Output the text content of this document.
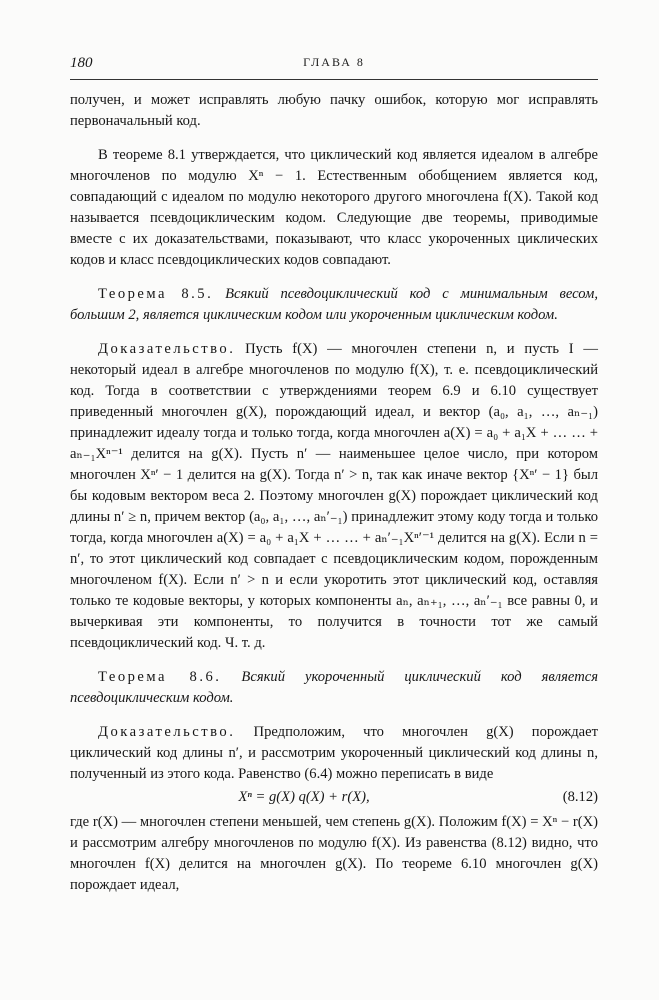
180	ГЛАВА 8

получен, и может исправлять любую пачку ошибок, которую мог исправлять первоначальный код.

В теореме 8.1 утверждается, что циклический код является идеалом в алгебре многочленов по модулю Xⁿ − 1. Естественным обобщением является код, совпадающий с идеалом по модулю некоторого другого многочлена f(X). Такой код называется псевдоциклическим кодом. Следующие две теоремы, приводимые вместе с их доказательствами, показывают, что класс укороченных циклических кодов и класс псевдоциклических кодов совпадают.

Теорема 8.5. Всякий псевдоциклический код с минимальным весом, большим 2, является циклическим кодом или укороченным циклическим кодом.

Доказательство. Пусть f(X) — многочлен степени n, и пусть I — некоторый идеал в алгебре многочленов по модулю f(X), т. е. псевдоциклический код. Тогда в соответствии с утверждениями теорем 6.9 и 6.10 существует приведенный многочлен g(X), порождающий идеал, и вектор (a₀, a₁, …, aₙ₋₁) принадлежит идеалу тогда и только тогда, когда многочлен a(X) = a₀ + a₁X + … … + aₙ₋₁Xⁿ⁻¹ делится на g(X). Пусть n′ — наименьшее целое число, при котором многочлен Xⁿ′ − 1 делится на g(X). Тогда n′ > n, так как иначе вектор {Xⁿ′ − 1} был бы кодовым вектором веса 2. Поэтому многочлен g(X) порождает циклический код длины n′ ≥ n, причем вектор (a₀, a₁, …, aₙ′₋₁) принадлежит этому коду тогда и только тогда, когда многочлен a(X) = a₀ + a₁X + … … + aₙ′₋₁Xⁿ′⁻¹ делится на g(X). Если n = n′, то этот циклический код совпадает с псевдоциклическим кодом, порожденным многочленом f(X). Если n′ > n и если укоротить этот циклический код, оставляя только те кодовые векторы, у которых компоненты aₙ, aₙ₊₁, …, aₙ′₋₁ все равны 0, и вычеркивая эти компоненты, то получится в точности тот же самый псевдоциклический код. Ч. т. д.

Теорема 8.6. Всякий укороченный циклический код является псевдоциклическим кодом.

Доказательство. Предположим, что многочлен g(X) порождает циклический код длины n′, и рассмотрим укороченный циклический код длины n, полученный из этого кода. Равенство (6.4) можно переписать в виде

Xⁿ = g(X) q(X) + r(X),	(8.12)

где r(X) — многочлен степени меньшей, чем степень g(X). Положим f(X) = Xⁿ − r(X) и рассмотрим алгебру многочленов по модулю f(X). Из равенства (8.12) видно, что многочлен f(X) делится на многочлен g(X). По теореме 6.10 многочлен g(X) порождает идеал,
